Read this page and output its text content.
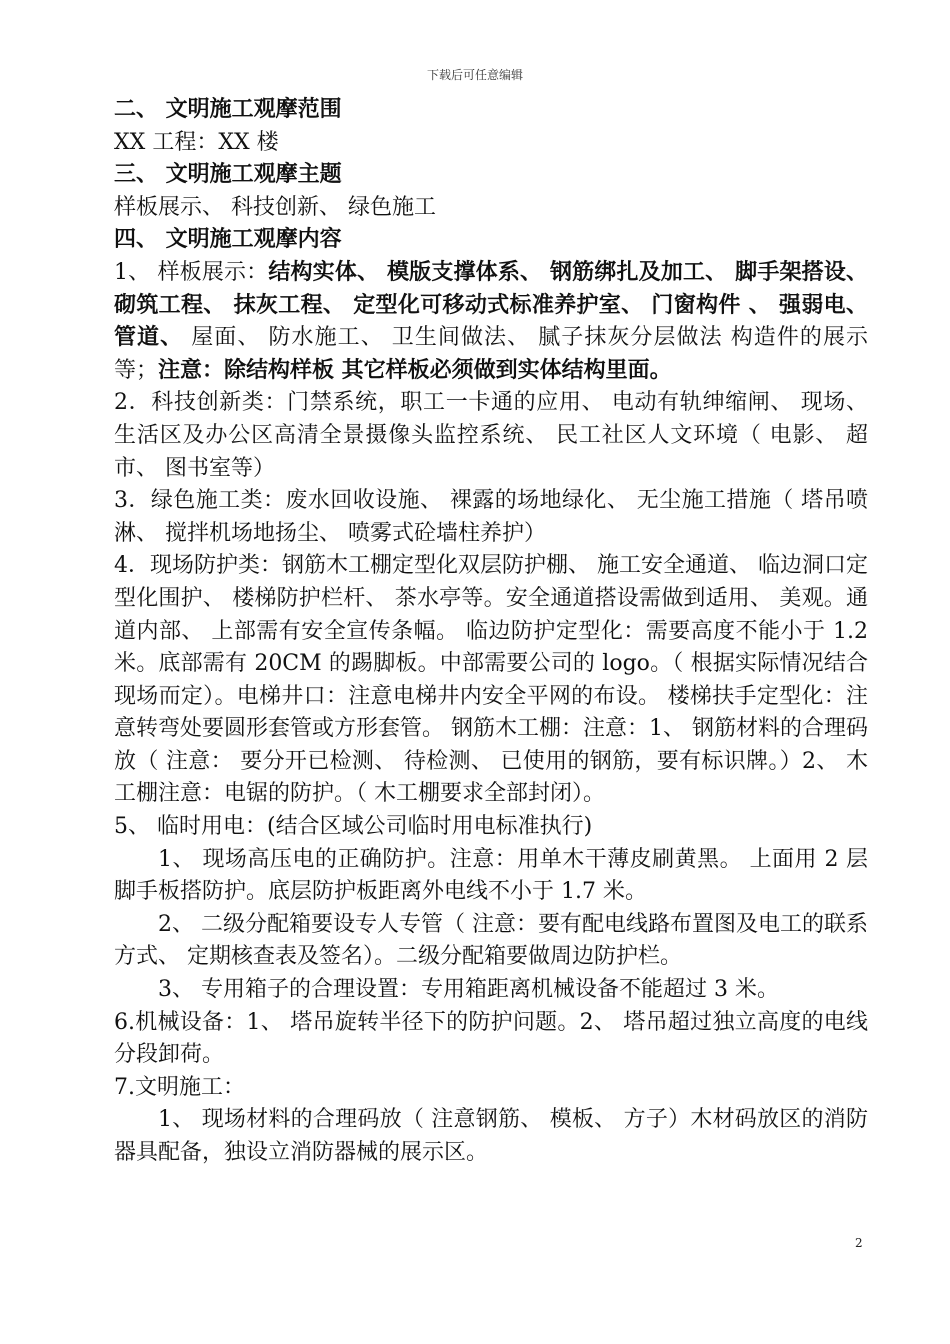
下载后可任意编辑

二、 文明施工观摩范围

XX 工程：XX 楼

三、 文明施工观摩主题

样板展示、 科技创新、 绿色施工

四、 文明施工观摩内容

1、 样板展示：结构实体、 模版支撑体系、 钢筋绑扎及加工、 脚手架搭设、 砌筑工程、 抹灰工程、 定型化可移动式标准养护室、 门窗构件 、 强弱电、 管道、 屋面、 防水施工、 卫生间做法、 腻子抹灰分层做法 构造件的展示等；注意：除结构样板 其它样板必须做到实体结构里面。

2．科技创新类：门禁系统，职工一卡通的应用、 电动有轨绅缩闸、 现场、 生活区及办公区高清全景摄像头监控系统、 民工社区人文环境（ 电影、 超市、 图书室等）

3．绿色施工类：废水回收设施、 裸露的场地绿化、 无尘施工措施（ 塔吊喷淋、 搅拌机场地扬尘、 喷雾式砼墙柱养护）

4．现场防护类：钢筋木工棚定型化双层防护棚、 施工安全通道、 临边洞口定型化围护、 楼梯防护栏杆、 茶水亭等。安全通道搭设需做到适用、 美观。通道内部、 上部需有安全宣传条幅。 临边防护定型化：需要高度不能小于 1.2 米。底部需有 20CM 的踢脚板。中部需要公司的 logo。（ 根据实际情况结合现场而定）。电梯井口：注意电梯井内安全平网的布设。 楼梯扶手定型化：注意转弯处要圆形套管或方形套管。 钢筋木工棚：注意：1、 钢筋材料的合理码放（ 注意： 要分开已检测、 待检测、 已使用的钢筋，要有标识牌。）2、 木工棚注意：电锯的防护。（ 木工棚要求全部封闭）。

5、 临时用电：(结合区域公司临时用电标准执行)

1、 现场高压电的正确防护。注意：用单木干薄皮刷黄黑。 上面用 2 层脚手板搭防护。底层防护板距离外电线不小于 1.7 米。

2、 二级分配箱要设专人专管（ 注意：要有配电线路布置图及电工的联系方式、 定期核查表及签名）。二级分配箱要做周边防护栏。

3、 专用箱子的合理设置：专用箱距离机械设备不能超过 3 米。

6.机械设备：1、 塔吊旋转半径下的防护问题。2、 塔吊超过独立高度的电线分段卸荷。

7.文明施工：

1、 现场材料的合理码放（ 注意钢筋、 模板、 方子）木材码放区的消防器具配备，独设立消防器械的展示区。

2
